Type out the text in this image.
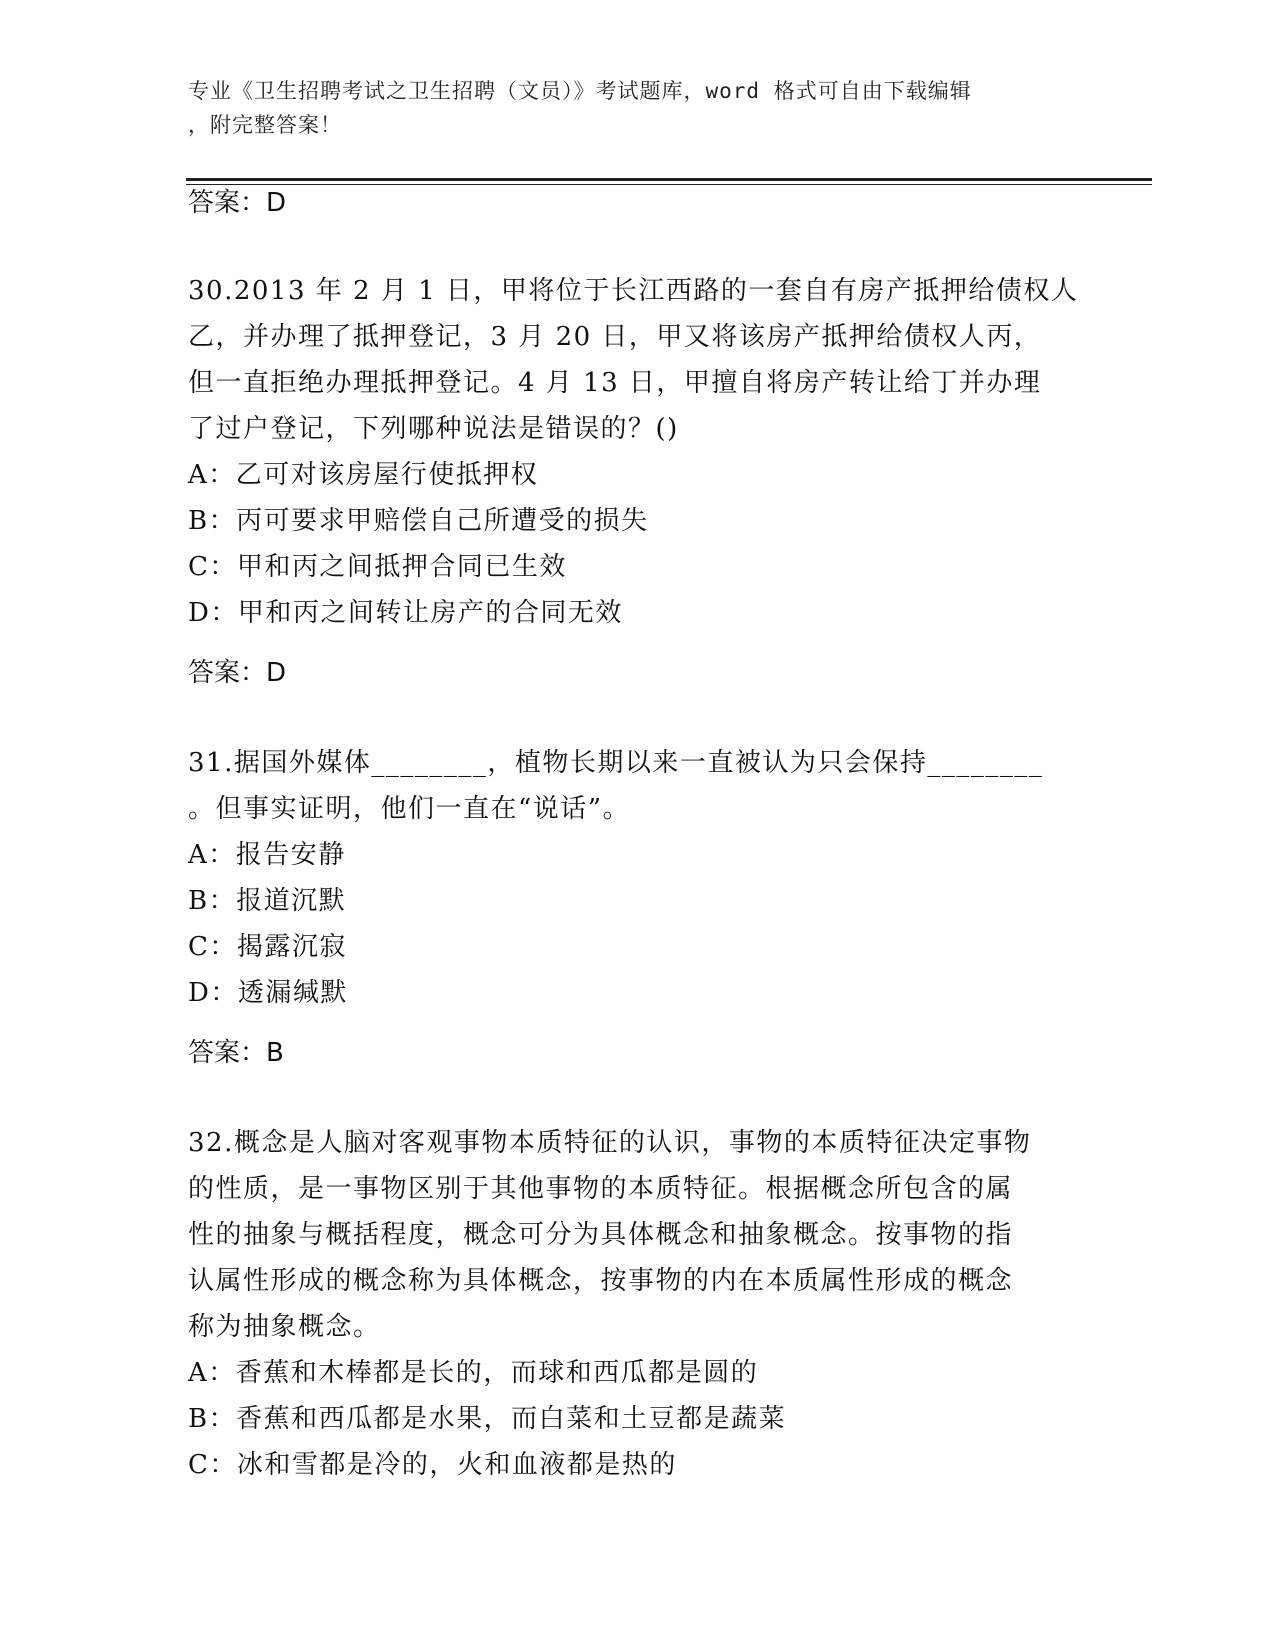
专业《卫生招聘考试之卫生招聘（文员）》考试题库，word 格式可自由下载编辑
，附完整答案！
答案：D

30.2013 年 2 月 1 日，甲将位于长江西路的一套自有房产抵押给债权人

乙，并办理了抵押登记，3 月 20 日，甲又将该房产抵押给债权人丙，

但一直拒绝办理抵押登记。4 月 13 日，甲擅自将房产转让给丁并办理

了过户登记，下列哪种说法是错误的？()

A：乙可对该房屋行使抵押权

B：丙可要求甲赔偿自己所遭受的损失

C：甲和丙之间抵押合同已生效

D：甲和丙之间转让房产的合同无效

答案：D

31.据国外媒体________，植物长期以来一直被认为只会保持________

。但事实证明，他们一直在“说话”。

A：报告安静

B：报道沉默

C：揭露沉寂

D：透漏缄默

答案：B

32.概念是人脑对客观事物本质特征的认识，事物的本质特征决定事物

的性质，是一事物区别于其他事物的本质特征。根据概念所包含的属

性的抽象与概括程度，概念可分为具体概念和抽象概念。按事物的指

认属性形成的概念称为具体概念，按事物的内在本质属性形成的概念

称为抽象概念。

A：香蕉和木棒都是长的，而球和西瓜都是圆的

B：香蕉和西瓜都是水果，而白菜和土豆都是蔬菜

C：冰和雪都是冷的，火和血液都是热的
